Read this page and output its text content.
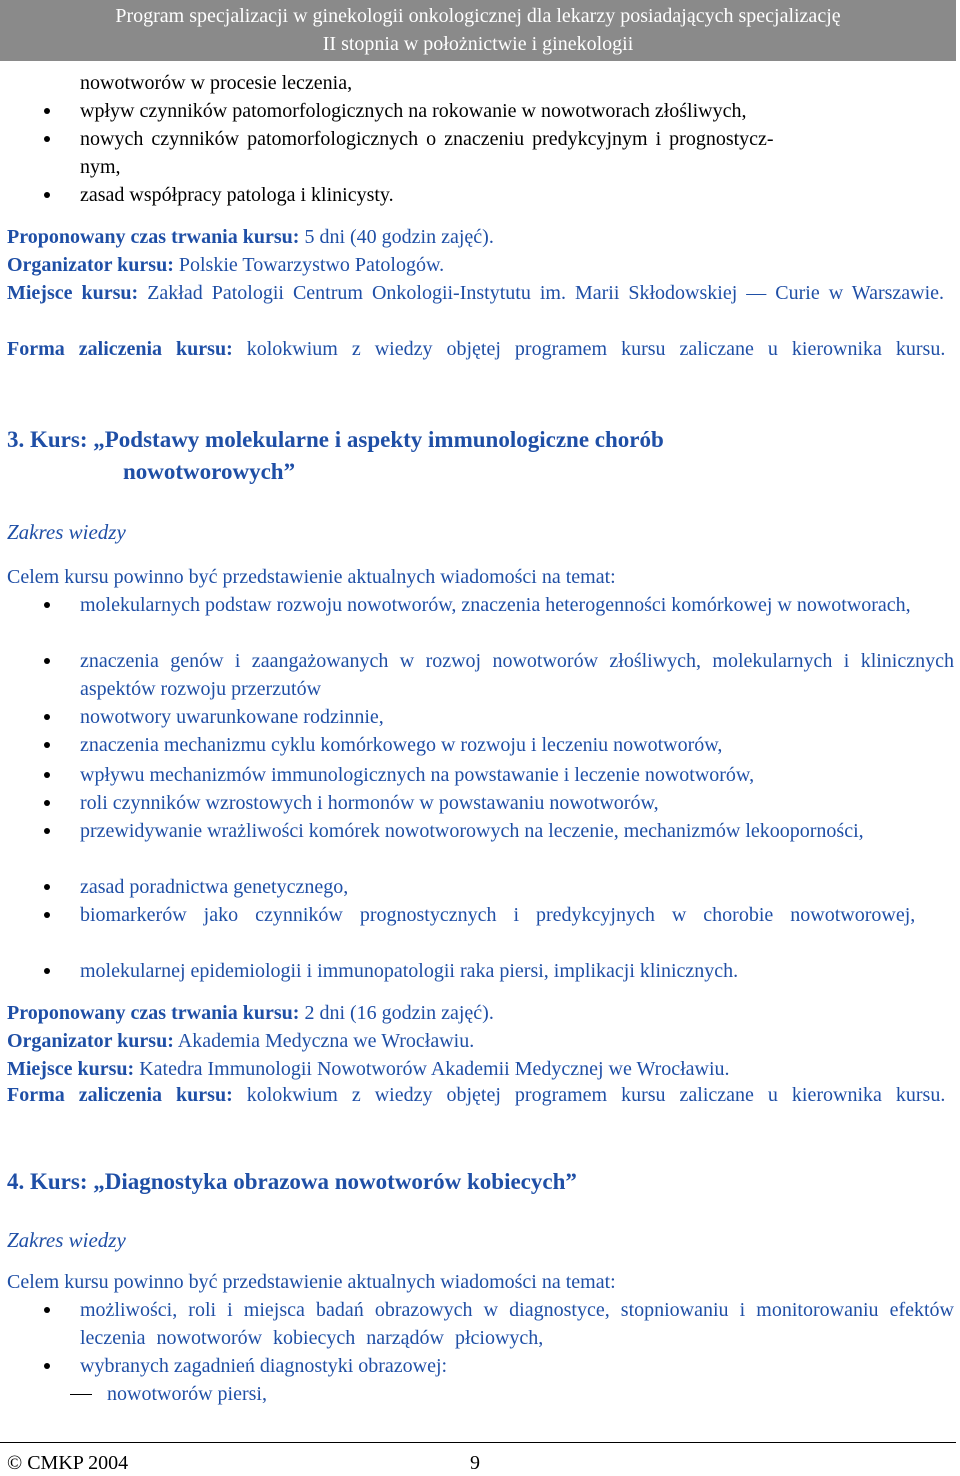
Program specjalizacji w ginekologii onkologicznej dla lekarzy posiadających specjalizację
II stopnia w położnictwie i ginekologii

nowotworów w procesie leczenia,

wpływ czynników patomorfologicznych na rokowanie w nowotworach złośliwych,

nowych czynników patomorfologicznych o znaczeniu predykcyjnym i prognostycz-

nym,

zasad współpracy patologa i klinicysty.

Proponowany czas trwania kursu: 5 dni (40 godzin zajęć).

Organizator kursu: Polskie Towarzystwo Patologów.

Miejsce kursu: Zakład Patologii Centrum Onkologii-Instytutu im. Marii Skłodowskiej — Curie w Warszawie.

Forma zaliczenia kursu: kolokwium z wiedzy objętej programem kursu zaliczane u kierownika kursu.

3. Kurs: „Podstawy molekularne i aspekty immunologiczne chorób
nowotworowych”

Zakres wiedzy

Celem kursu powinno być przedstawienie aktualnych wiadomości na temat:

molekularnych podstaw rozwoju nowotworów, znaczenia heterogenności komórkowej w nowotworach,

znaczenia genów i zaangażowanych w rozwoj nowotworów złośliwych, molekularnych i klinicznych aspektów rozwoju przerzutów

nowotwory uwarunkowane rodzinnie,

znaczenia mechanizmu cyklu komórkowego w rozwoju i leczeniu nowotworów,

wpływu mechanizmów immunologicznych na powstawanie i leczenie nowotworów,

roli czynników wzrostowych i hormonów w powstawaniu nowotworów,

przewidywanie wrażliwości komórek nowotworowych na leczenie, mechanizmów lekooporności,

zasad poradnictwa genetycznego,

biomarkerów jako czynników prognostycznych i predykcyjnych w chorobie nowotworowej,

molekularnej epidemiologii i immunopatologii raka piersi, implikacji klinicznych.

Proponowany czas trwania kursu: 2 dni (16 godzin zajęć).

Organizator kursu: Akademia Medyczna we Wrocławiu.

Miejsce kursu: Katedra Immunologii Nowotworów Akademii Medycznej we Wrocławiu.

Forma zaliczenia kursu: kolokwium z wiedzy objętej programem kursu zaliczane u kierownika kursu.

4. Kurs: „Diagnostyka obrazowa nowotworów kobiecych”

Zakres wiedzy

Celem kursu powinno być przedstawienie aktualnych wiadomości na temat:

możliwości, roli i miejsca badań obrazowych w diagnostyce, stopniowaniu i monitorowaniu efektów leczenia nowotworów kobiecych narządów płciowych,

wybranych zagadnień diagnostyki obrazowej:

nowotworów piersi,

© CMKP 2004	9
